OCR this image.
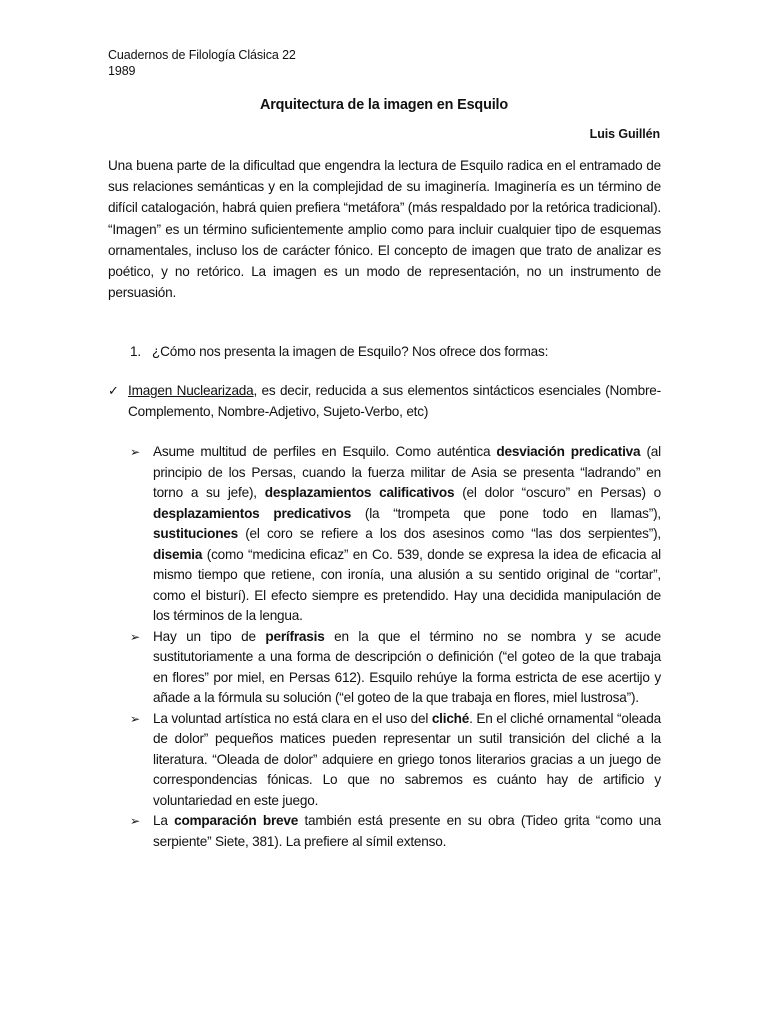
Cuadernos de Filología Clásica 22
1989
Arquitectura de la imagen en Esquilo
Luis Guillén

Una buena parte de la dificultad que engendra la lectura de Esquilo radica en el entramado de sus relaciones semánticas y en la complejidad de su imaginería. Imaginería es un término de difícil catalogación, habrá quien prefiera “metáfora” (más respaldado por la retórica tradicional). “Imagen” es un término suficientemente amplio como para incluir cualquier tipo de esquemas ornamentales, incluso los de carácter fónico. El concepto de imagen que trato de analizar es poético, y no retórico. La imagen es un modo de representación, no un instrumento de persuasión.

1. ¿Cómo nos presenta la imagen de Esquilo? Nos ofrece dos formas:
✓ Imagen Nuclearizada, es decir, reducida a sus elementos sintácticos esenciales (Nombre-Complemento, Nombre-Adjetivo, Sujeto-Verbo, etc)
➢ Asume multitud de perfiles en Esquilo. Como auténtica desviación predicativa (al principio de los Persas, cuando la fuerza militar de Asia se presenta “ladrando” en torno a su jefe), desplazamientos calificativos (el dolor “oscuro” en Persas) o desplazamientos predicativos (la “trompeta que pone todo en llamas”), sustituciones (el coro se refiere a los dos asesinos como “las dos serpientes”), disemia (como “medicina eficaz” en Co. 539, donde se expresa la idea de eficacia al mismo tiempo que retiene, con ironía, una alusión a su sentido original de “cortar”, como el bisturí). El efecto siempre es pretendido. Hay una decidida manipulación de los términos de la lengua.
➢ Hay un tipo de perífrasis en la que el término no se nombra y se acude sustitutoriamente a una forma de descripción o definición (“el goteo de la que trabaja en flores” por miel, en Persas 612). Esquilo rehúye la forma estricta de ese acertijo y añade a la fórmula su solución (“el goteo de la que trabaja en flores, miel lustrosa”).
➢ La voluntad artística no está clara en el uso del cliché. En el cliché ornamental “oleada de dolor” pequeños matices pueden representar un sutil transición del cliché a la literatura. “Oleada de dolor” adquiere en griego tonos literarios gracias a un juego de correspondencias fónicas. Lo que no sabremos es cuánto hay de artificio y voluntariedad en este juego.
➢ La comparación breve también está presente en su obra (Tideo grita “como una serpiente” Siete, 381). La prefiere al símil extenso.
